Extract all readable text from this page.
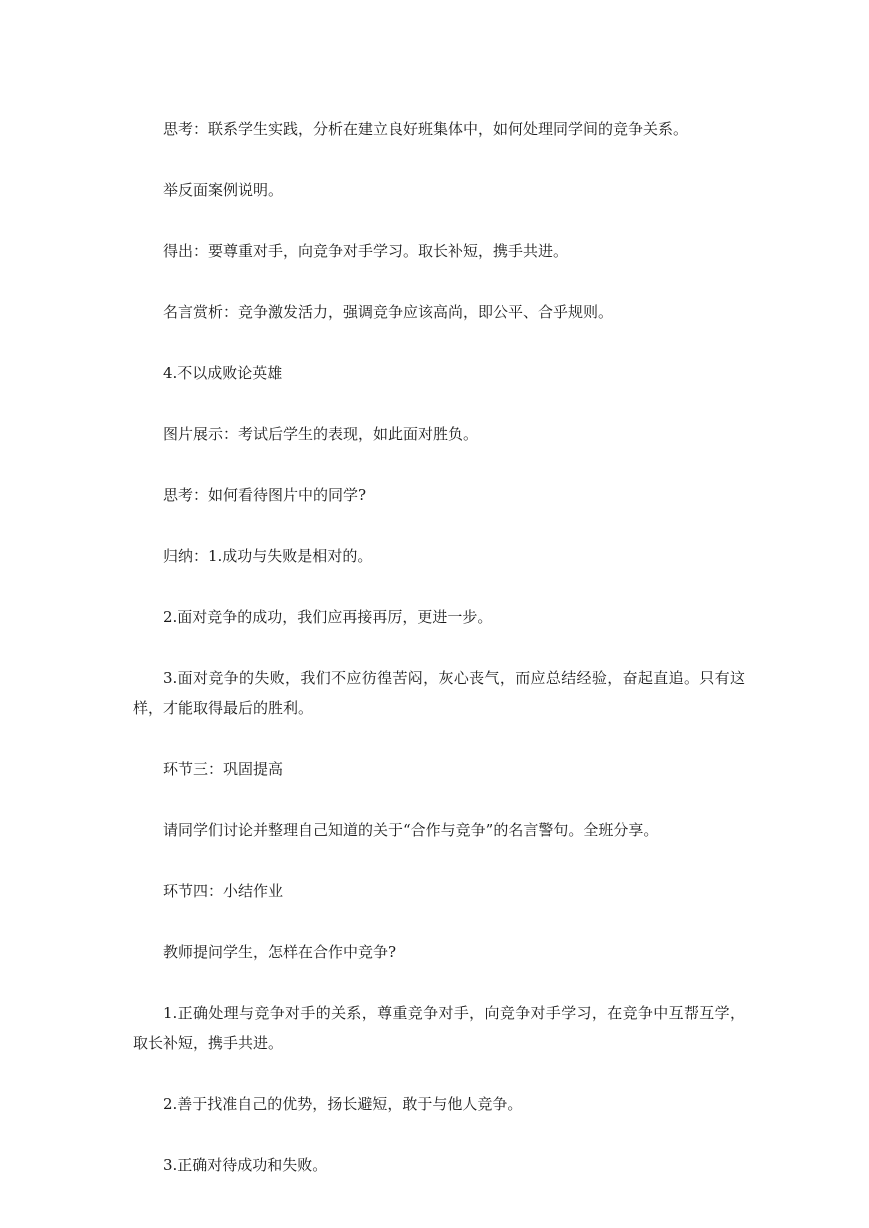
思考：联系学生实践，分析在建立良好班集体中，如何处理同学间的竞争关系。

举反面案例说明。

得出：要尊重对手，向竞争对手学习。取长补短，携手共进。

名言赏析：竞争激发活力，强调竞争应该高尚，即公平、合乎规则。

4.不以成败论英雄

图片展示：考试后学生的表现，如此面对胜负。

思考：如何看待图片中的同学?

归纳：1.成功与失败是相对的。

2.面对竞争的成功，我们应再接再厉，更进一步。

3.面对竞争的失败，我们不应彷徨苦闷，灰心丧气，而应总结经验，奋起直追。只有这样，才能取得最后的胜利。

环节三：巩固提高

请同学们讨论并整理自己知道的关于“合作与竞争”的名言警句。全班分享。

环节四：小结作业

教师提问学生，怎样在合作中竞争?

1.正确处理与竞争对手的关系，尊重竞争对手，向竞争对手学习，在竞争中互帮互学，取长补短，携手共进。

2.善于找准自己的优势，扬长避短，敢于与他人竞争。

3.正确对待成功和失败。
